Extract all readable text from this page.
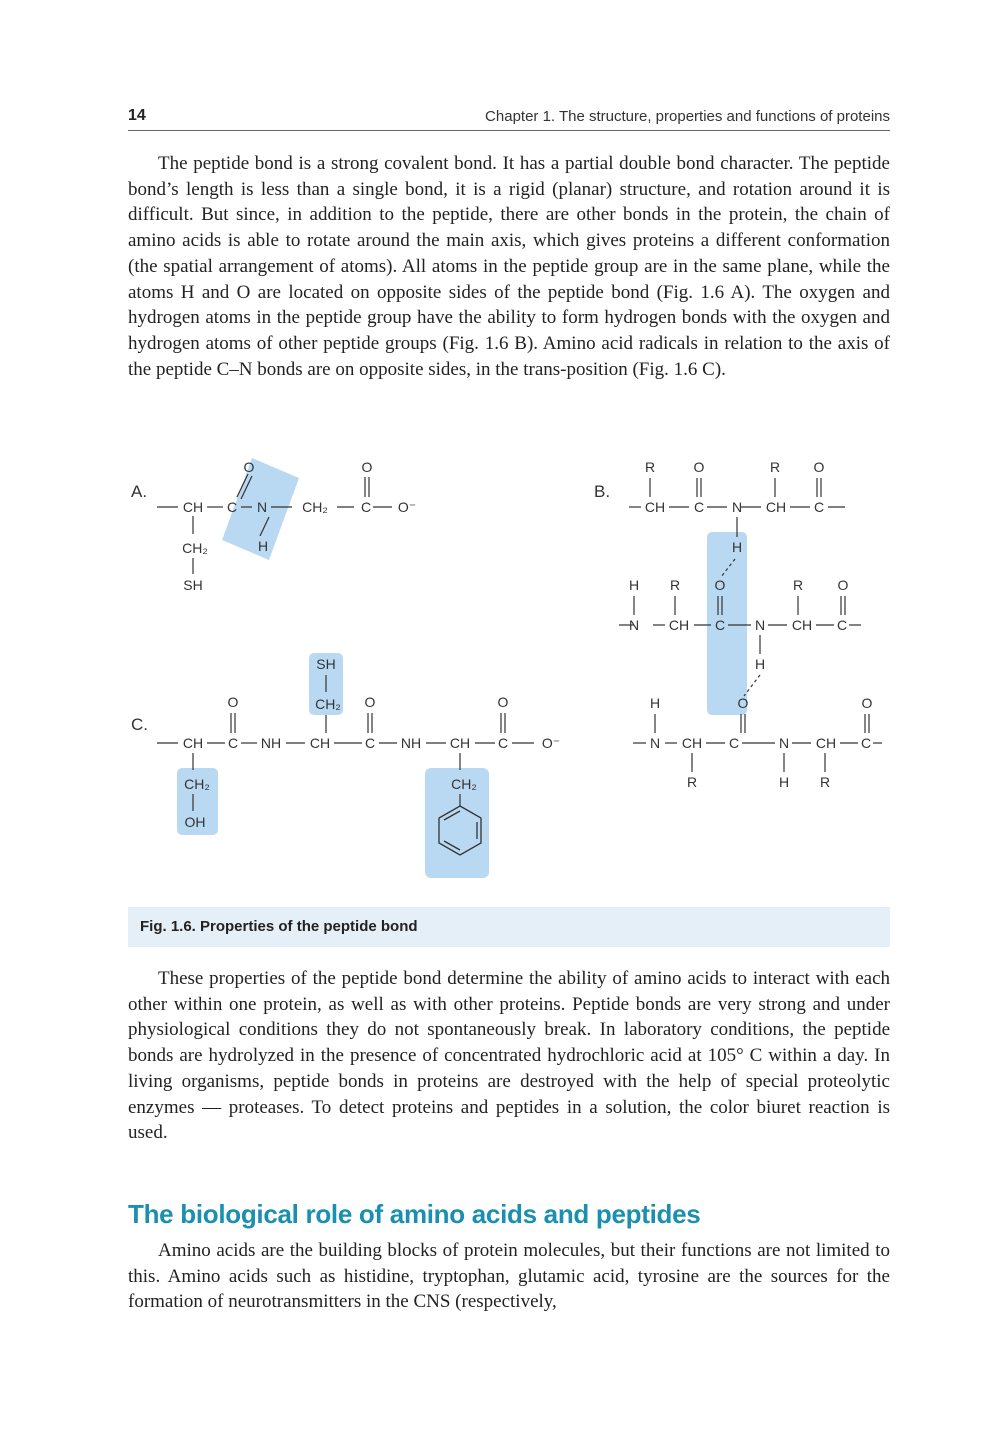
14	Chapter 1. The structure, properties and functions of proteins

The peptide bond is a strong covalent bond. It has a partial double bond character. The peptide bond’s length is less than a single bond, it is a rigid (planar) structure, and rotation around it is difficult. But since, in addition to the peptide, there are other bonds in the protein, the chain of amino acids is able to rotate around the main axis, which gives proteins a different conformation (the spatial arrangement of atoms). All atoms in the peptide group are in the same plane, while the atoms H and O are located on opposite sides of the peptide bond (Fig. 1.6 A). The oxygen and hydrogen atoms in the peptide group have the ability to form hydrogen bonds with the oxygen and hydrogen atoms of other peptide groups (Fig. 1.6 B). Amino acid radicals in relation to the axis of the peptide C–N bonds are on opposite sides, in the trans-position (Fig. 1.6 C).

A.	B.
C.
CH C
O
N
H
CH₂ C
O
O⁻
CH₂
SH
R	O	R O
CH C N CH C
H
H R O	R O
N CH C N CH C
H
H	O	O
N CH C	N CH C
R	H R
O	O	O
SH
CH₂
CH C NH CH C NH CH C O⁻
CH₂	CH₂
OH
Fig. 1.6. Properties of the peptide bond

These properties of the peptide bond determine the ability of amino acids to interact with each other within one protein, as well as with other proteins. Peptide bonds are very strong and under physiological conditions they do not spontaneously break. In laboratory conditions, the peptide bonds are hydrolyzed in the presence of concentrated hydrochloric acid at 105° C within a day. In living organisms, peptide bonds in proteins are destroyed with the help of special proteolytic enzymes — proteases. To detect proteins and peptides in a solution, the color biuret reaction is used.

The biological role of amino acids and peptides

Amino acids are the building blocks of protein molecules, but their functions are not limited to this. Amino acids such as histidine, tryptophan, glutamic acid, tyrosine are the sources for the formation of neurotransmitters in the CNS (respectively,
